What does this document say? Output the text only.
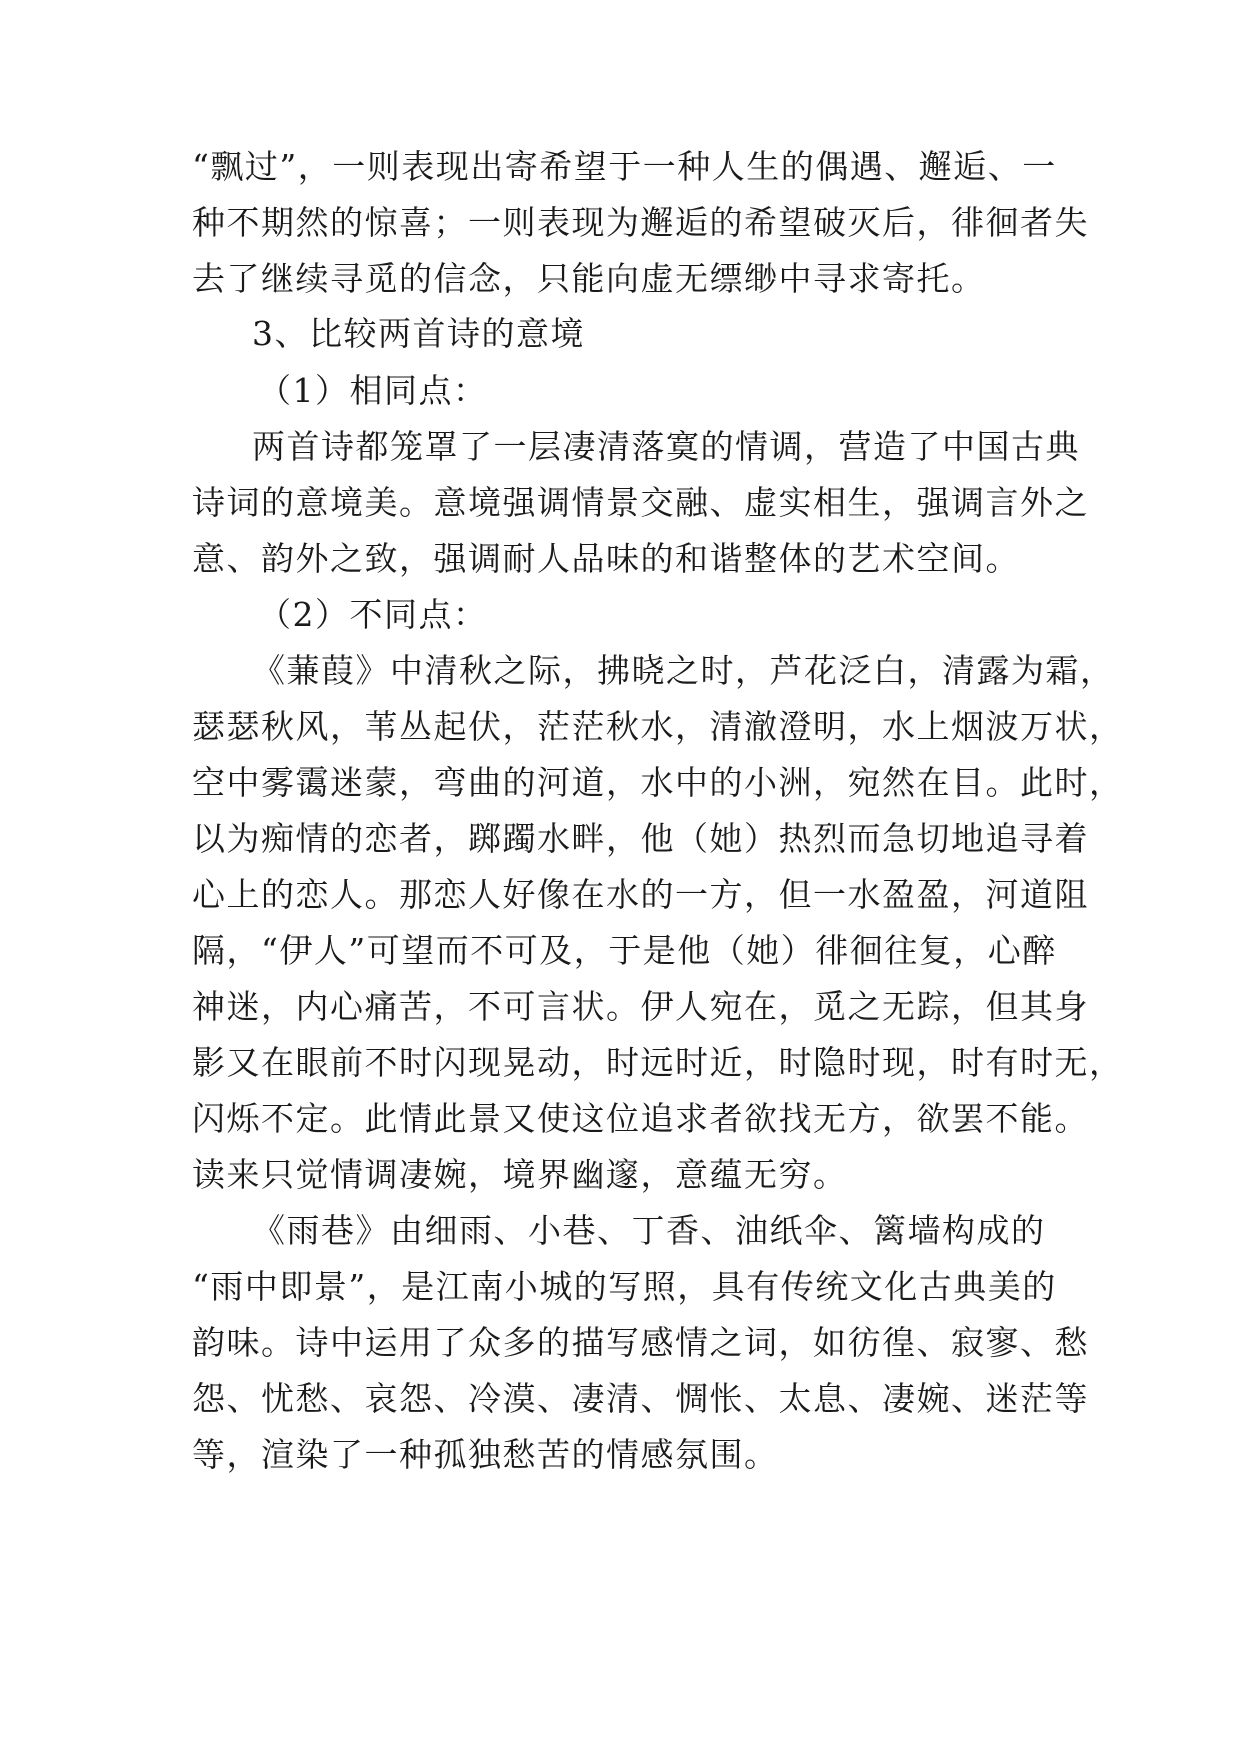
“飘过”，一则表现出寄希望于一种人生的偶遇、邂逅、一
种不期然的惊喜；一则表现为邂逅的希望破灭后，徘徊者失
去了继续寻觅的信念，只能向虚无缥缈中寻求寄托。
3、比较两首诗的意境
（1）相同点：
两首诗都笼罩了一层凄清落寞的情调，营造了中国古典
诗词的意境美。意境强调情景交融、虚实相生，强调言外之
意、韵外之致，强调耐人品味的和谐整体的艺术空间。
（2）不同点：
《蒹葭》中清秋之际，拂晓之时，芦花泛白，清露为霜，
瑟瑟秋风，苇丛起伏，茫茫秋水，清澈澄明，水上烟波万状，
空中雾霭迷蒙，弯曲的河道，水中的小洲，宛然在目。此时，
以为痴情的恋者，踯躅水畔，他（她）热烈而急切地追寻着
心上的恋人。那恋人好像在水的一方，但一水盈盈，河道阻
隔，“伊人”可望而不可及，于是他（她）徘徊往复，心醉
神迷，内心痛苦，不可言状。伊人宛在，觅之无踪，但其身
影又在眼前不时闪现晃动，时远时近，时隐时现，时有时无，
闪烁不定。此情此景又使这位追求者欲找无方，欲罢不能。
读来只觉情调凄婉，境界幽邃，意蕴无穷。
《雨巷》由细雨、小巷、丁香、油纸伞、篱墙构成的
“雨中即景”，是江南小城的写照，具有传统文化古典美的
韵味。诗中运用了众多的描写感情之词，如彷徨、寂寥、愁
怨、忧愁、哀怨、冷漠、凄清、惆怅、太息、凄婉、迷茫等
等，渲染了一种孤独愁苦的情感氛围。
